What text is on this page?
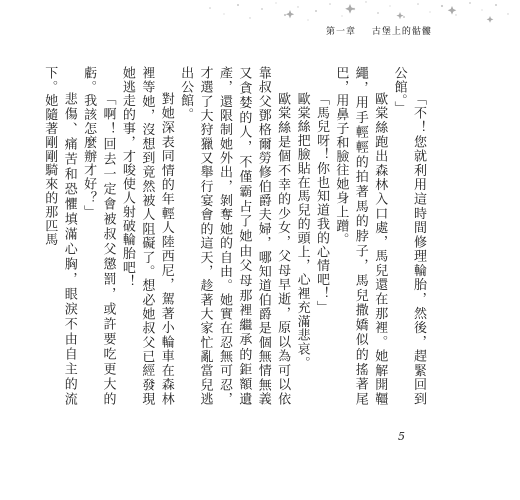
第一章 古堡上的骷髏

「不！您就利用這時間修理輪胎，然後，趕緊回到公館。」

歐棠絲跑出森林入口處，馬兒還在那裡。她解開韁繩，用手輕輕的拍著馬的脖子，馬兒撒嬌似的搖著尾巴，用鼻子和臉往她身上蹭。

「馬兒呀！你也知道我的心情吧！」

歐棠絲把臉貼在馬兒的頭上，心裡充滿悲哀。

歐棠絲是個不幸的少女，父母早逝，原以為可以依靠叔父鄧格爾勞修伯爵夫婦，哪知道伯爵是個無情無義又貪婪的人，不僅霸占了她由父母那裡繼承的鉅額遺產，還限制她外出，剝奪她的自由。她實在忍無可忍，才選了大狩獵又舉行宴會的這天，趁著大家忙亂當兒逃出公館。

對她深表同情的年輕人陸西尼，駕著小輪車在森林裡等她，沒想到竟然被人阻礙了。想必她叔父已經發現她逃走的事，才唆使人射破輪胎吧！

「啊！回去一定會被叔父懲罰，或許要吃更大的虧。我該怎麼辦才好？」

悲傷、痛苦和恐懼填滿心胸，眼淚不由自主的流下。她隨著剛剛騎來的那匹馬

5
